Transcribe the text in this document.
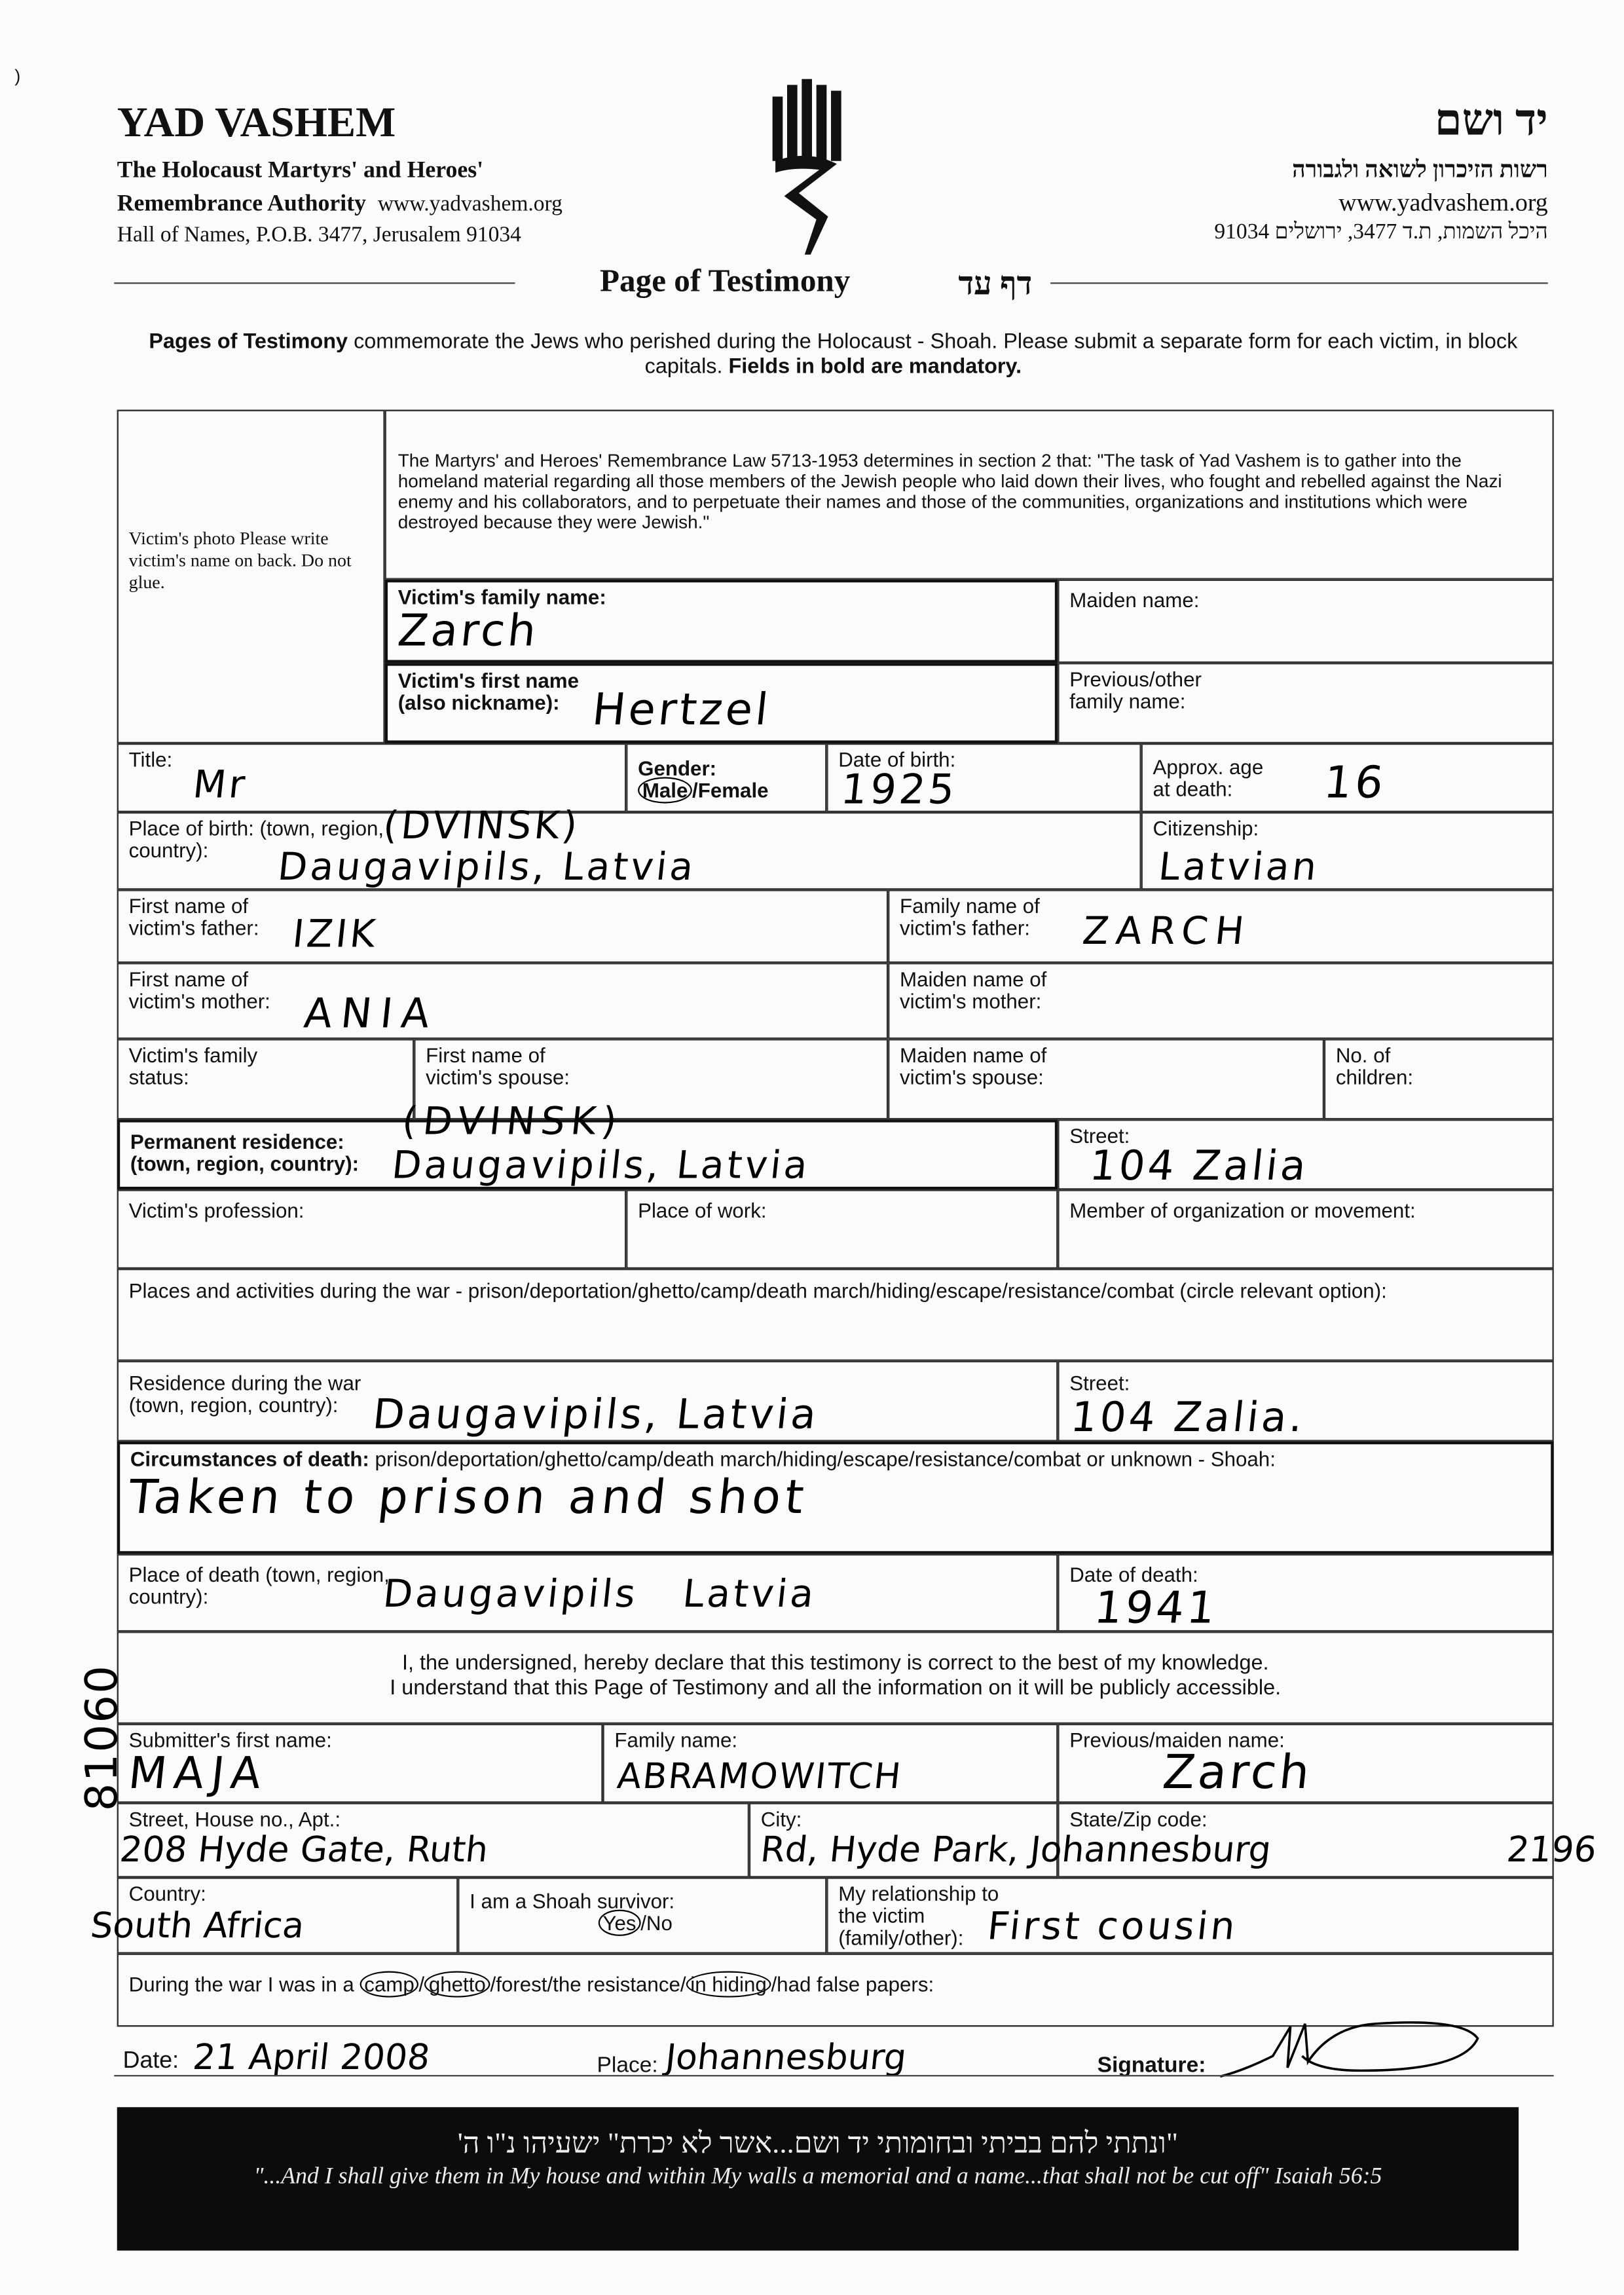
YAD VASHEM
The Holocaust Martyrs' and Heroes'
Remembrance Authority www.yadvashem.org
Hall of Names, P.O.B. 3477, Jerusalem 91034
יד ושם
רשות הזיכרון לשואה ולגבורה
www.yadvashem.org
היכל השמות, ת.ד 3477, ירושלים 91034
Page of Testimony	דף עד
Pages of Testimony commemorate the Jews who perished during the Holocaust - Shoah. Please submit a separate form for each victim, in block capitals. Fields in bold are mandatory.
Victim's photo Please write victim's name on back. Do not glue.
The Martyrs' and Heroes' Remembrance Law 5713-1953 determines in section 2 that: "The task of Yad Vashem is to gather into the homeland material regarding all those members of the Jewish people who laid down their lives, who fought and rebelled against the Nazi enemy and his collaborators, and to perpetuate their names and those of the communities, organizations and institutions which were destroyed because they were Jewish."
Victim's family name:
Zarch
Maiden name:
Victim's first name (also nickname):	Hertzel
Previous/other family name:
Title:
Mr	Gender:
Male /Female
Date of birth:
1925	Approx. age at death:	16
Place of birth: (town, region, country):
(DVINSK)
Daugavipils, Latvia
Citizenship:
Latvian
First name of victim's father:	IZIK
Family name of victim's father:	ZARCH
First name of victim's mother:	ANIA
Maiden name of victim's mother:
Victim's family status:
First name of victim's spouse:
Maiden name of victim's spouse:
No. of children:
Permanent residence: (town, region, country):
(DVINSK)
Daugavipils, Latvia
Street:
104 Zalia
Victim's profession:	Place of work:	Member of organization or movement:
Places and activities during the war - prison/deportation/ghetto/camp/death march/hiding/escape/resistance/combat (circle relevant option):
Residence during the war (town, region, country):	Daugavipils, Latvia
Street:
104 Zalia.
Circumstances of death: prison/deportation/ghetto/camp/death march/hiding/escape/resistance/combat or unknown - Shoah:
Taken to prison and shot
Place of death (town, region, country):	Daugavipils   Latvia	Date of death:
1941
I, the undersigned, hereby declare that this testimony is correct to the best of my knowledge.
I understand that this Page of Testimony and all the information on it will be publicly accessible.
Submitter's first name:
MAJA
Family name:
ABRAMOWITCH
Previous/maiden name:
Zarch
Street, House no., Apt.:	City:	State/Zip code:
208 Hyde Gate, Ruth	Rd, Hyde Park, Johannesburg	2196
Country:
South Africa
I am a Shoah survivor:
Yes /No
My relationship to the victim (family/other):	First cousin
During the war I was in a camp / ghetto /forest/the resistance/ in hiding /had false papers:
Date: 21 April 2008	Place: Johannesburg	Signature:
81060
)
"ונתתי להם בביתי ובחומותי יד ושם...אשר לא יכרת" ישעיהו נ"ו ה'
"...And I shall give them in My house and within My walls a memorial and a name...that shall not be cut off" Isaiah 56:5
